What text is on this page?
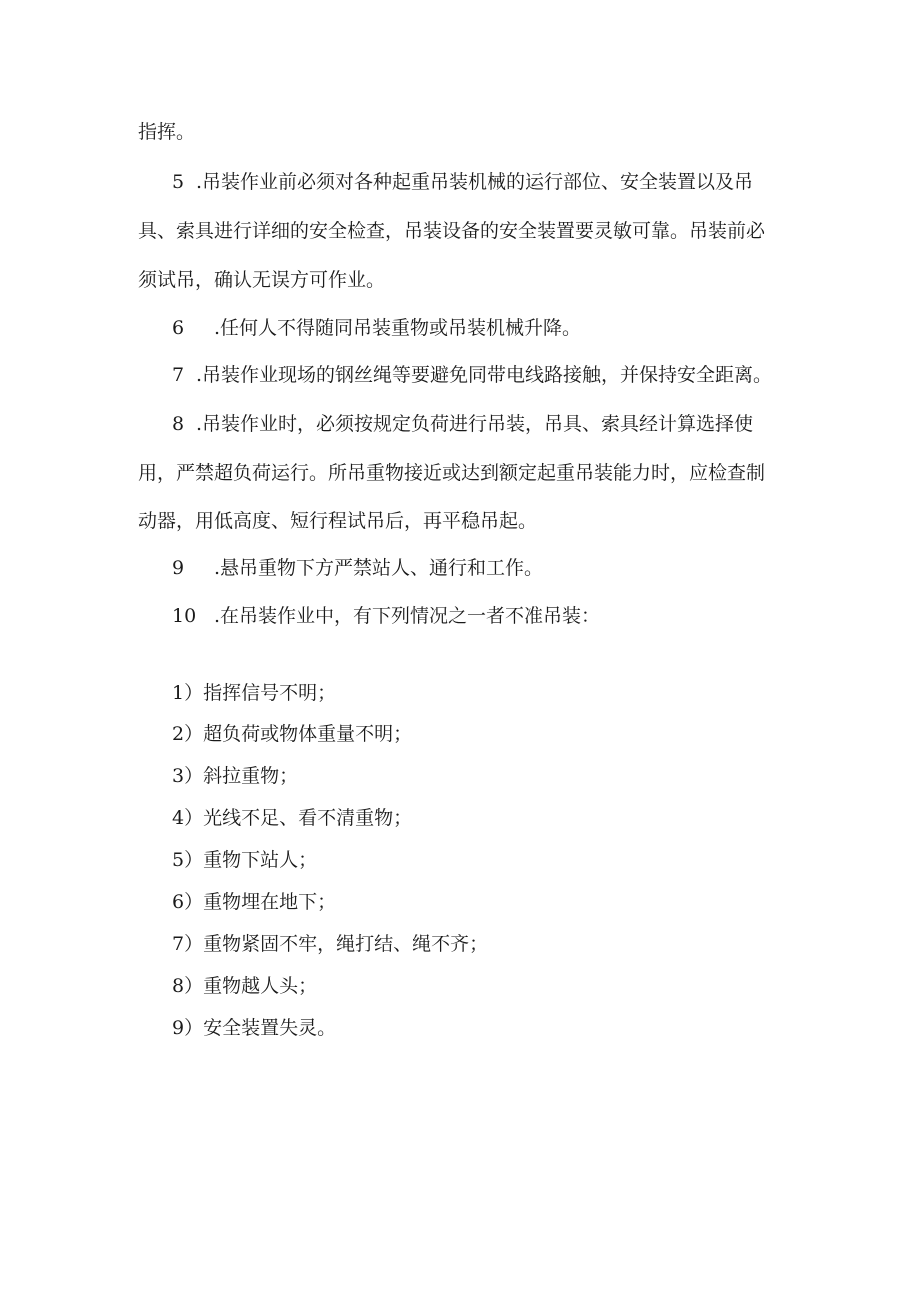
指挥。
5 .吊装作业前必须对各种起重吊装机械的运行部位、安全装置以及吊
具、索具进行详细的安全检查，吊装设备的安全装置要灵敏可靠。吊装前必
须试吊，确认无误方可作业。
6 .任何人不得随同吊装重物或吊装机械升降。
7 .吊装作业现场的钢丝绳等要避免同带电线路接触，并保持安全距离。
8 .吊装作业时，必须按规定负荷进行吊装，吊具、索具经计算选择使
用，严禁超负荷运行。所吊重物接近或达到额定起重吊装能力时，应检查制
动器，用低高度、短行程试吊后，再平稳吊起。
9 .悬吊重物下方严禁站人、通行和工作。
10 .在吊装作业中，有下列情况之一者不准吊装：
1）指挥信号不明；
2）超负荷或物体重量不明；
3）斜拉重物；
4）光线不足、看不清重物；
5）重物下站人；
6）重物埋在地下；
7）重物紧固不牢，绳打结、绳不齐；
8）重物越人头；
9）安全装置失灵。
